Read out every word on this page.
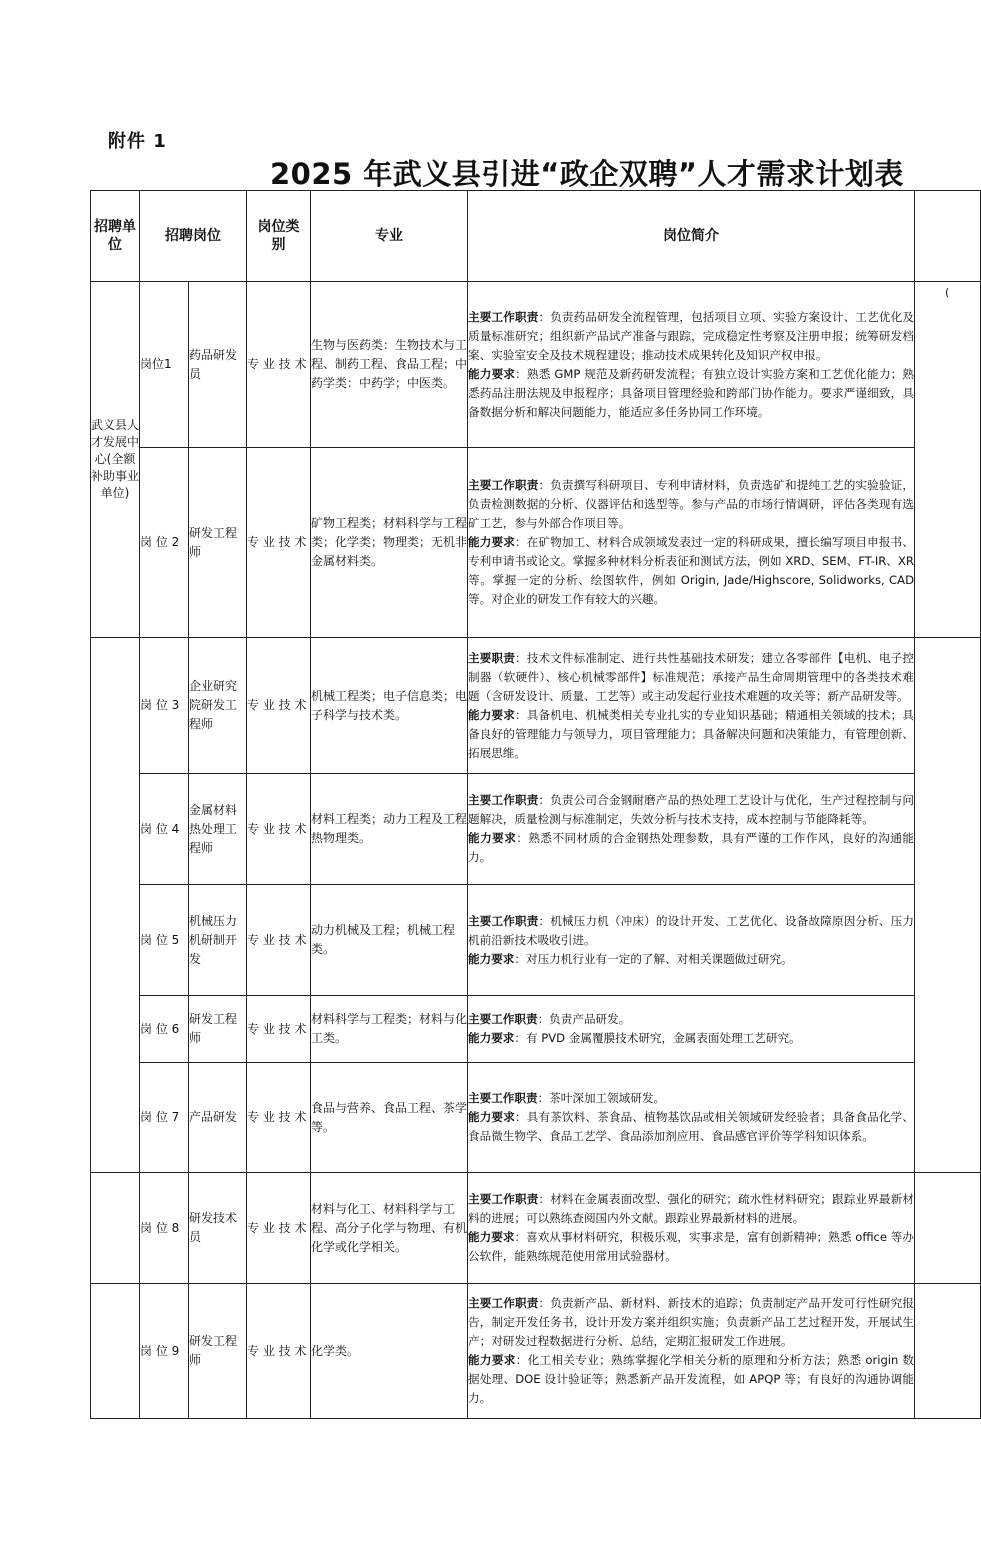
附件 1
2025 年武义县引进“政企双聘”人才需求计划表
招聘单位	招聘岗位		岗位类别	专业	岗位简介	
武义县人才发展中心(全额补助事业单位)	岗位1	药品研发员	专 业 技 术	生物与医药类：生物技术与工程、制药工程、食品工程；中药学类：中药学；中医类。	主要工作职责：负责药品研发全流程管理，包括项目立项、实验方案设计、工艺优化及质量标准研究；组织新产品试产准备与跟踪，完成稳定性考察及注册申报；统筹研发档案、实验室安全及技术规程建设；推动技术成果转化及知识产权申报。
能力要求：熟悉 GMP 规范及新药研发流程；有独立设计实验方案和工艺优化能力；熟悉药品注册法规及申报程序；具备项目管理经验和跨部门协作能力。要求严谨细致，具备数据分析和解决问题能力，能适应多任务协同工作环境。	(
	岗 位 2	研发工程师	专 业 技 术	矿物工程类；材料科学与工程类；化学类；物理类；无机非金属材料类。	主要工作职责：负责撰写科研项目、专利申请材料，负责选矿和提纯工艺的实验验证，负责检测数据的分析、仪器评估和选型等。参与产品的市场行情调研，评估各类现有选矿工艺，参与外部合作项目等。
能力要求：在矿物加工、材料合成领域发表过一定的科研成果，擅长编写项目申报书、专利申请书或论文。掌握多种材料分析表征和测试方法，例如 XRD、SEM、FT-IR、XR 等。掌握一定的分析、绘图软件，例如 Origin, Jade/Highscore, Solidworks, CAD 等。对企业的研发工作有较大的兴趣。	
	岗 位 3	企业研究院研发工程师	专 业 技 术	机械工程类；电子信息类；电子科学与技术类。	主要职责：技术文件标准制定、进行共性基础技术研发；建立各零部件【电机、电子控制器（软硬件）、核心机械零部件】标准规范；承接产品生命周期管理中的各类技术难题（含研发设计、质量、工艺等）或主动发起行业技术难题的攻关等；新产品研发等。
能力要求：具备机电、机械类相关专业扎实的专业知识基础；精通相关领域的技术；具备良好的管理能力与领导力，项目管理能力；具备解决问题和决策能力，有管理创新、拓展思维。	
	岗 位 4	金属材料热处理工程师	专 业 技 术	材料工程类；动力工程及工程热物理类。	主要工作职责：负责公司合金钢耐磨产品的热处理工艺设计与优化，生产过程控制与问题解决，质量检测与标准制定，失效分析与技术支持，成本控制与节能降耗等。
能力要求：熟悉不同材质的合金钢热处理参数，具有严谨的工作作风，良好的沟通能力。	
	岗 位 5	机械压力机研制开发	专 业 技 术	动力机械及工程；机械工程类。	主要工作职责：机械压力机（冲床）的设计开发、工艺优化、设备故障原因分析、压力机前沿新技术吸收引进。
能力要求：对压力机行业有一定的了解、对相关课题做过研究。	
	岗 位 6	研发工程师	专 业 技 术	材料科学与工程类；材料与化工类。	主要工作职责：负责产品研发。
能力要求：有 PVD 金属覆膜技术研究，金属表面处理工艺研究。	
	岗 位 7	产品研发	专 业 技 术	食品与营养、食品工程、茶学等。	主要工作职责：茶叶深加工领域研发。
能力要求：具有茶饮料、茶食品、植物基饮品或相关领域研发经验者；具备食品化学、食品微生物学、食品工艺学、食品添加剂应用、食品感官评价等学科知识体系。	
	岗 位 8	研发技术员	专 业 技 术	材料与化工、材料科学与工程、高分子化学与物理、有机化学或化学相关。	主要工作职责：材料在金属表面改型、强化的研究；疏水性材料研究；跟踪业界最新材料的进展；可以熟练查阅国内外文献。跟踪业界最新材料的进展。
能力要求：喜欢从事材料研究，积极乐观，实事求是，富有创新精神；熟悉 office 等办公软件，能熟练规范使用常用试验器材。	
	岗 位 9	研发工程师	专 业 技 术	化学类。	主要工作职责：负责新产品、新材料、新技术的追踪；负责制定产品开发可行性研究报告，制定开发任务书，设计开发方案并组织实施；负责新产品工艺过程开发，开展试生产；对研发过程数据进行分析、总结，定期汇报研发工作进展。
能力要求：化工相关专业；熟练掌握化学相关分析的原理和分析方法；熟悉 origin 数据处理、DOE 设计验证等；熟悉新产品开发流程，如 APQP 等；有良好的沟通协调能力。	
